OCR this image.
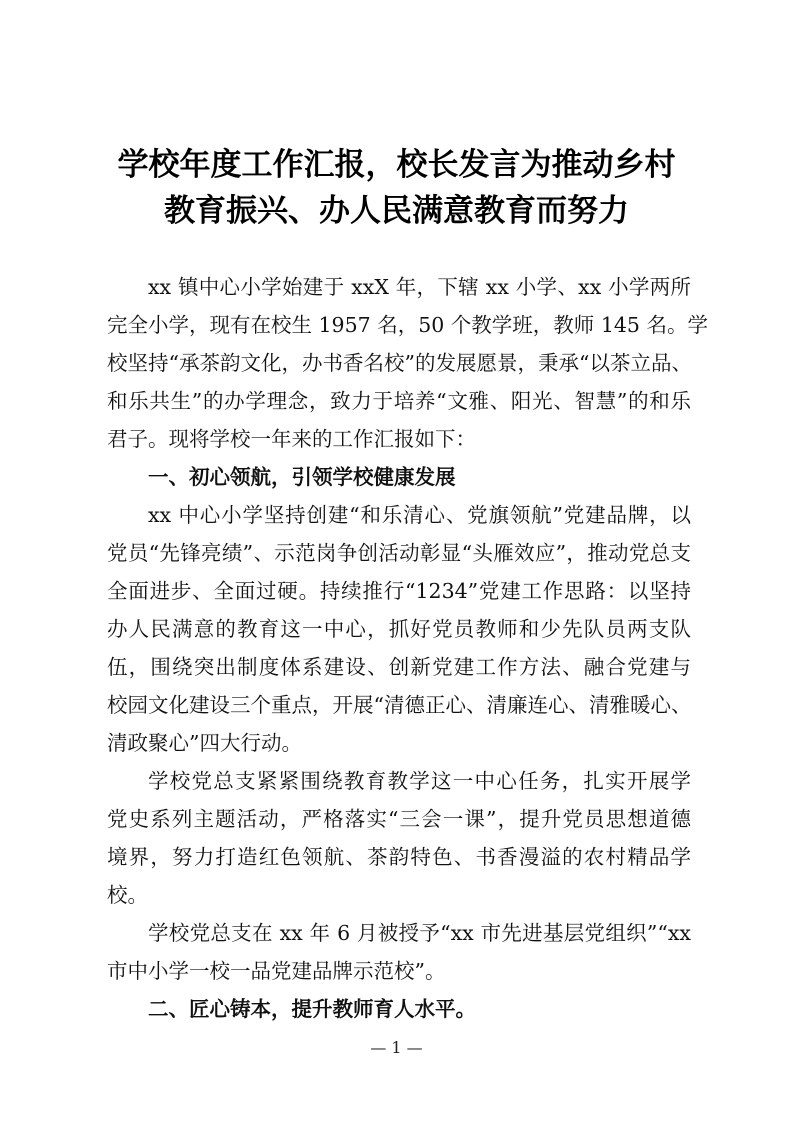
学校年度工作汇报，校长发言为推动乡村
教育振兴、办人民满意教育而努力
xx 镇中心小学始建于 xxX 年，下辖 xx 小学、xx 小学两所
完全小学，现有在校生 1957 名，50 个教学班，教师 145 名。学
校坚持“承茶韵文化，办书香名校”的发展愿景，秉承“以茶立品、
和乐共生”的办学理念，致力于培养“文雅、阳光、智慧”的和乐
君子。现将学校一年来的工作汇报如下：
一、初心领航，引领学校健康发展
xx 中心小学坚持创建“和乐清心、党旗领航”党建品牌，以
党员“先锋亮绩”、示范岗争创活动彰显“头雁效应”，推动党总支
全面进步、全面过硬。持续推行“1234”党建工作思路：以坚持
办人民满意的教育这一中心，抓好党员教师和少先队员两支队
伍，围绕突出制度体系建设、创新党建工作方法、融合党建与
校园文化建设三个重点，开展“清德正心、清廉连心、清雅暖心、
清政聚心”四大行动。
学校党总支紧紧围绕教育教学这一中心任务，扎实开展学
党史系列主题活动，严格落实“三会一课”，提升党员思想道德
境界，努力打造红色领航、茶韵特色、书香漫溢的农村精品学
校。
学校党总支在 xx 年 6 月被授予“xx 市先进基层党组织”“xx
市中小学一校一品党建品牌示范校”。
二、匠心铸本，提升教师育人水平。
— 1 —
